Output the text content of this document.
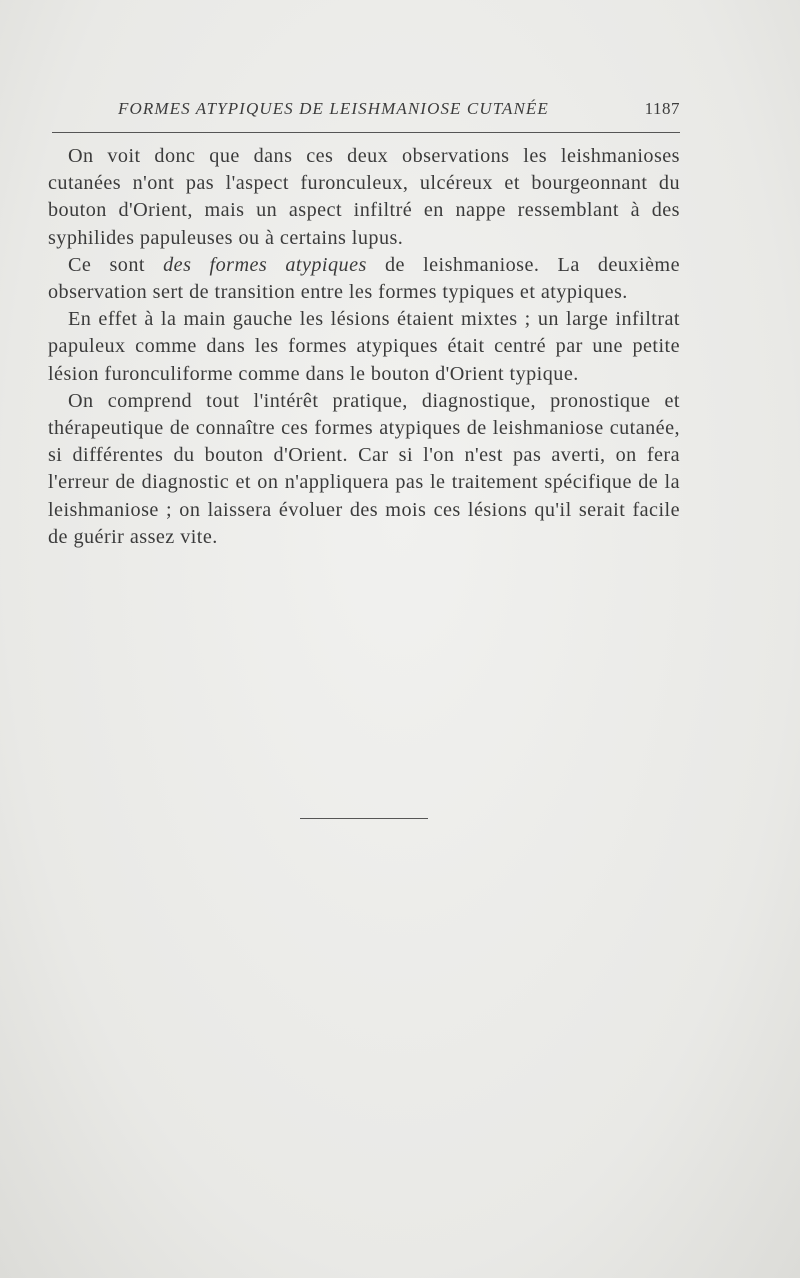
FORMES ATYPIQUES DE LEISHMANIOSE CUTANÉE	1187

On voit donc que dans ces deux observations les leishmanioses cutanées n'ont pas l'aspect furonculeux, ulcéreux et bourgeonnant du bouton d'Orient, mais un aspect infiltré en nappe ressemblant à des syphilides papuleuses ou à certains lupus.

Ce sont des formes atypiques de leishmaniose. La deuxième observation sert de transition entre les formes typiques et atypiques.

En effet à la main gauche les lésions étaient mixtes ; un large infiltrat papuleux comme dans les formes atypiques était centré par une petite lésion furonculiforme comme dans le bouton d'Orient typique.

On comprend tout l'intérêt pratique, diagnostique, pronostique et thérapeutique de connaître ces formes atypiques de leishmaniose cutanée, si différentes du bouton d'Orient. Car si l'on n'est pas averti, on fera l'erreur de diagnostic et on n'appliquera pas le traitement spécifique de la leishmaniose ; on laissera évoluer des mois ces lésions qu'il serait facile de guérir assez vite.
